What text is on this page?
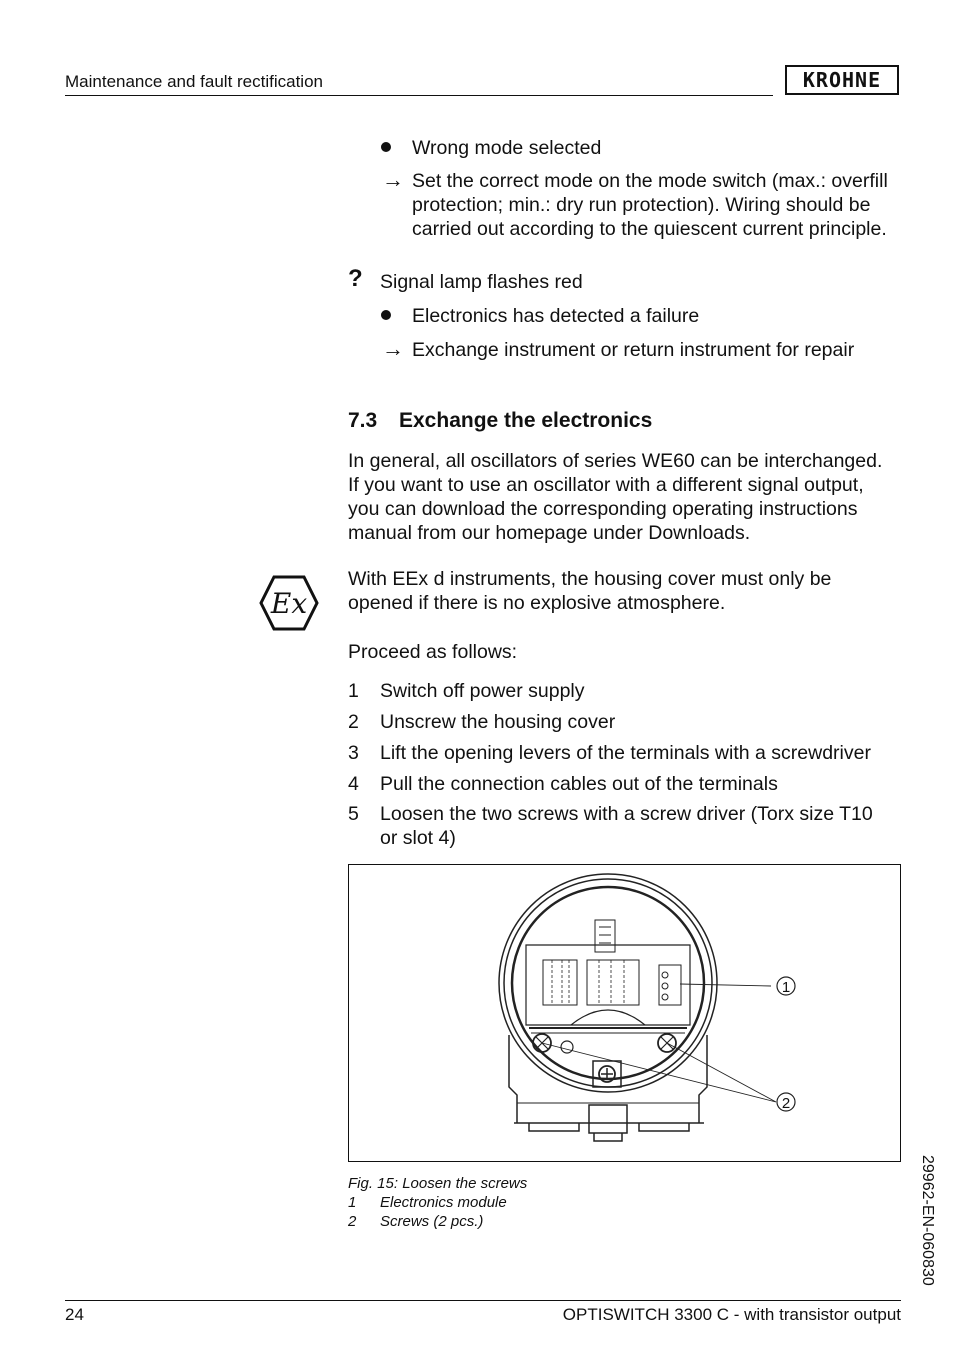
Maintenance and fault rectification	KROHNE
Wrong mode selected
→ Set the correct mode on the mode switch (max.: overfill
protection; min.: dry run protection). Wiring should be
carried out according to the quiescent current principle.
? Signal lamp flashes red
Electronics has detected a failure
→ Exchange instrument or return instrument for repair
7.3 Exchange the electronics
In general, all oscillators of series WE60 can be interchanged.
If you want to use an oscillator with a different signal output,
you can download the corresponding operating instructions
manual from our homepage under Downloads.
Ex
With EEx d instruments, the housing cover must only be
opened if there is no explosive atmosphere.
Proceed as follows:
1 Switch off power supply
2 Unscrew the housing cover
3 Lift the opening levers of the terminals with a screwdriver
4 Pull the connection cables out of the terminals
5 Loosen the two screws with a screw driver (Torx size T10
or slot 4)
1
2
Fig. 15: Loosen the screws
1 Electronics module
2 Screws (2 pcs.)	29962-EN-060830
24	OPTISWITCH 3300 C - with transistor output
